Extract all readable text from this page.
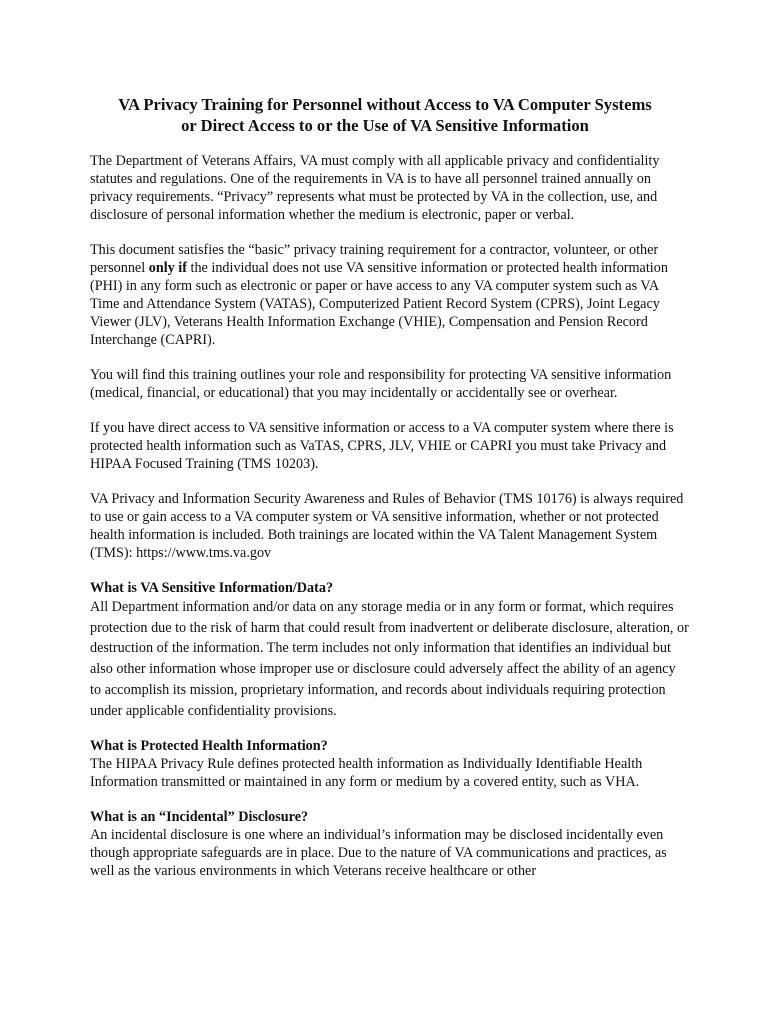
VA Privacy Training for Personnel without Access to VA Computer Systems
or Direct Access to or the Use of VA Sensitive Information

The Department of Veterans Affairs, VA must comply with all applicable privacy and confidentiality statutes and regulations. One of the requirements in VA is to have all personnel trained annually on privacy requirements. “Privacy” represents what must be protected by VA in the collection, use, and disclosure of personal information whether the medium is electronic, paper or verbal.

This document satisfies the “basic” privacy training requirement for a contractor, volunteer, or other personnel only if the individual does not use VA sensitive information or protected health information (PHI) in any form such as electronic or paper or have access to any VA computer system such as VA Time and Attendance System (VATAS), Computerized Patient Record System (CPRS), Joint Legacy Viewer (JLV), Veterans Health Information Exchange (VHIE), Compensation and Pension Record Interchange (CAPRI).

You will find this training outlines your role and responsibility for protecting VA sensitive information (medical, financial, or educational) that you may incidentally or accidentally see or overhear.

If you have direct access to VA sensitive information or access to a VA computer system where there is protected health information such as VaTAS, CPRS, JLV, VHIE or CAPRI you must take Privacy and HIPAA Focused Training (TMS 10203).

VA Privacy and Information Security Awareness and Rules of Behavior (TMS 10176) is always required to use or gain access to a VA computer system or VA sensitive information, whether or not protected health information is included. Both trainings are located within the VA Talent Management System (TMS): https://www.tms.va.gov

What is VA Sensitive Information/Data?

All Department information and/or data on any storage media or in any form or format, which requires protection due to the risk of harm that could result from inadvertent or deliberate disclosure, alteration, or destruction of the information. The term includes not only information that identifies an individual but also other information whose improper use or disclosure could adversely affect the ability of an agency to accomplish its mission, proprietary information, and records about individuals requiring protection under applicable confidentiality provisions.

What is Protected Health Information?

The HIPAA Privacy Rule defines protected health information as Individually Identifiable Health Information transmitted or maintained in any form or medium by a covered entity, such as VHA.

What is an “Incidental” Disclosure?

An incidental disclosure is one where an individual’s information may be disclosed incidentally even though appropriate safeguards are in place. Due to the nature of VA communications and practices, as well as the various environments in which Veterans receive healthcare or other
